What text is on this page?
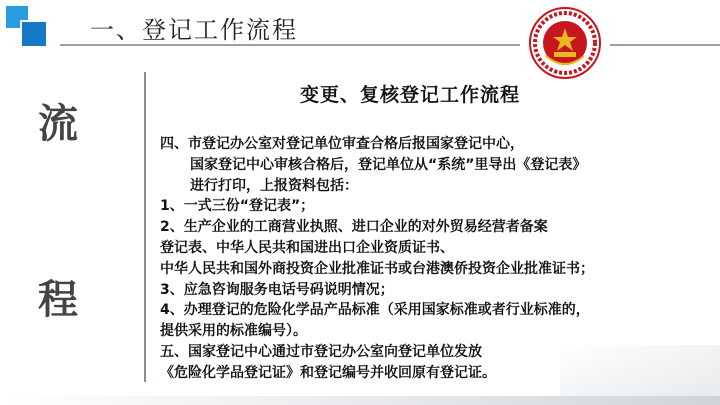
一、登记工作流程
流
程
变更、复核登记工作流程
四、市登记办公室对登记单位审查合格后报国家登记中心，
国家登记中心审核合格后，登记单位从“系统”里导出《登记表》
进行打印，上报资料包括：
1、一式三份“登记表”；
2、生产企业的工商营业执照、进口企业的对外贸易经营者备案
登记表、中华人民共和国进出口企业资质证书、
中华人民共和国外商投资企业批准证书或台港澳侨投资企业批准证书；
3、应急咨询服务电话号码说明情况；
4、办理登记的危险化学品产品标准（采用国家标准或者行业标准的，
提供采用的标准编号）。
五、国家登记中心通过市登记办公室向登记单位发放
《危险化学品登记证》和登记编号并收回原有登记证。
